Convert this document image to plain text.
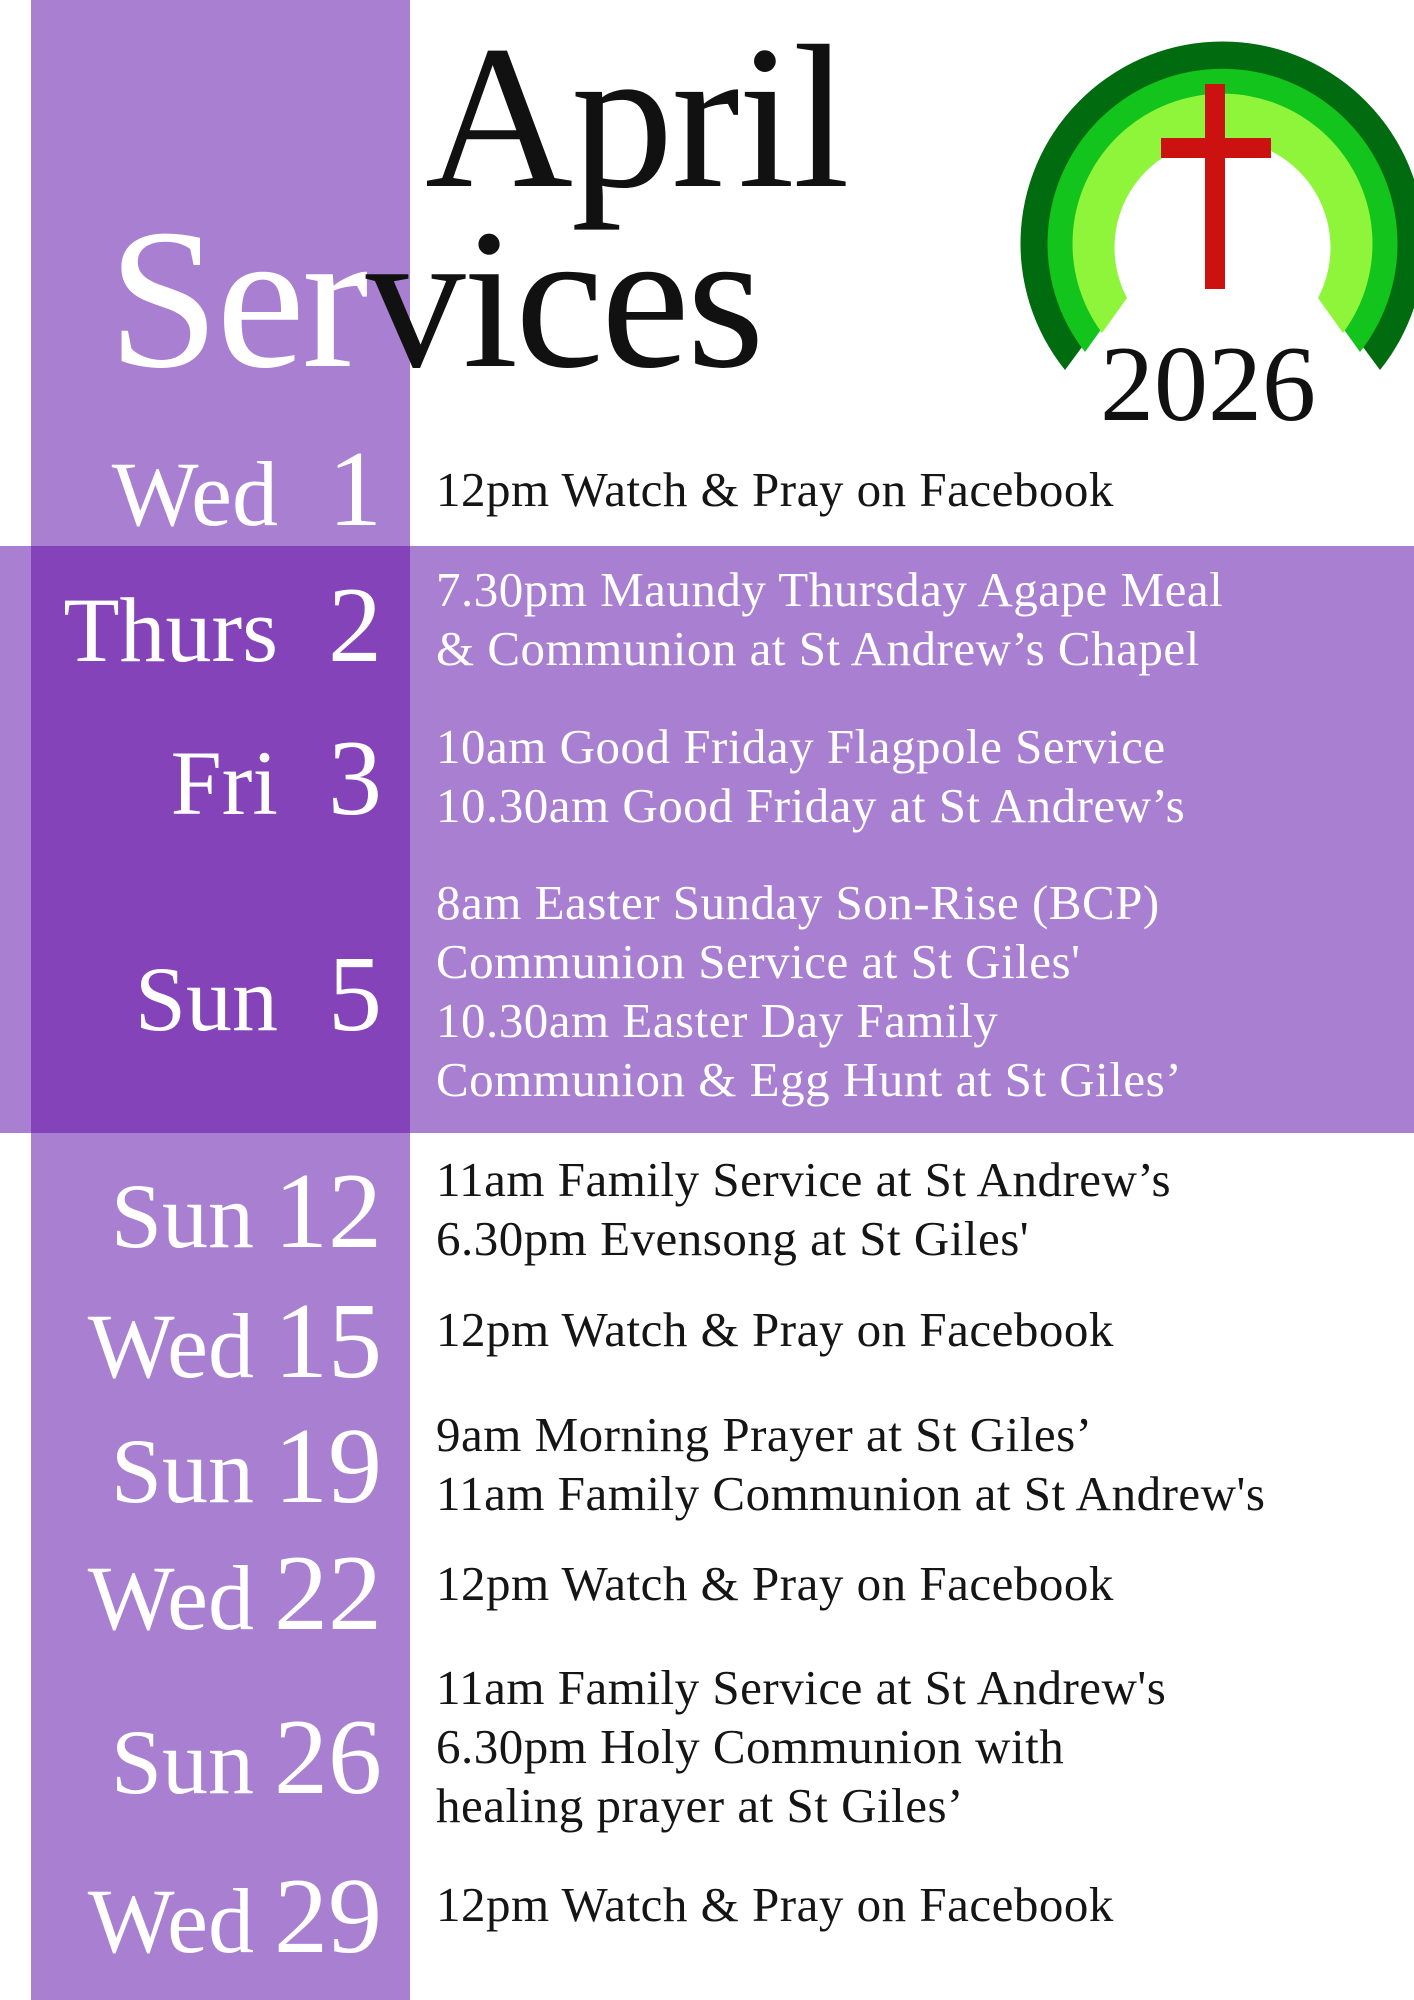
April
Services	2026
Wed 1 12pm Watch & Pray on Facebook
Thurs 2 7.30pm Maundy Thursday Agape Meal
& Communion at St Andrew’s Chapel
Fri 3 10am Good Friday Flagpole Service
10.30am Good Friday at St Andrew’s
Sun 5
8am Easter Sunday Son-Rise (BCP)
Communion Service at St Giles'
10.30am Easter Day Family
Communion & Egg Hunt at St Giles’
Sun 12 11am Family Service at St Andrew’s
6.30pm Evensong at St Giles'
Wed 15 12pm Watch & Pray on Facebook
Sun 19 9am Morning Prayer at St Giles’
11am Family Communion at St Andrew's
Wed 22 12pm Watch & Pray on Facebook
Sun 26
11am Family Service at St Andrew's
6.30pm Holy Communion with
healing prayer at St Giles’
Wed 29 12pm Watch & Pray on Facebook
